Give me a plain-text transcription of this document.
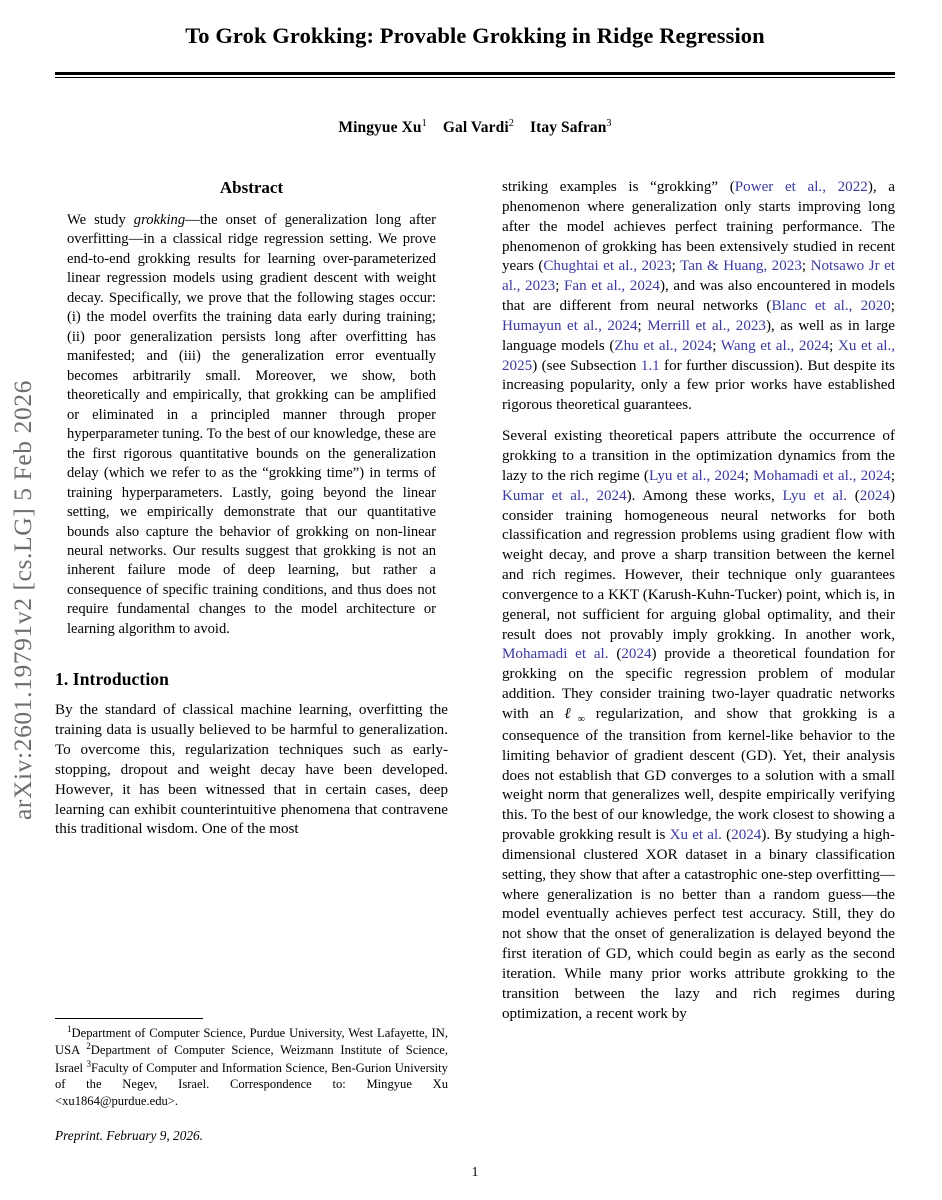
arXiv:2601.19791v2 [cs.LG] 5 Feb 2026
To Grok Grokking: Provable Grokking in Ridge Regression
Mingyue Xu$^1$ Gal Vardi$^2$ Itay Safran$^3$
Abstract

We study grokking—the onset of generalization long after overfitting—in a classical ridge regression setting. We prove end-to-end grokking results for learning over-parameterized linear regression models using gradient descent with weight decay. Specifically, we prove that the following stages occur: (i) the model overfits the training data early during training; (ii) poor generalization persists long after overfitting has manifested; and (iii) the generalization error eventually becomes arbitrarily small. Moreover, we show, both theoretically and empirically, that grokking can be amplified or eliminated in a principled manner through proper hyperparameter tuning. To the best of our knowledge, these are the first rigorous quantitative bounds on the generalization delay (which we refer to as the “grokking time”) in terms of training hyperparameters. Lastly, going beyond the linear setting, we empirically demonstrate that our quantitative bounds also capture the behavior of grokking on non-linear neural networks. Our results suggest that grokking is not an inherent failure mode of deep learning, but rather a consequence of specific training conditions, and thus does not require fundamental changes to the model architecture or learning algorithm to avoid.

1. Introduction

By the standard of classical machine learning, overfitting the training data is usually believed to be harmful to generalization. To overcome this, regularization techniques such as early-stopping, dropout and weight decay have been developed. However, it has been witnessed that in certain cases, deep learning can exhibit counterintuitive phenomena that contravene this traditional wisdom. One of the most

striking examples is “grokking” (Power et al., 2022), a phenomenon where generalization only starts improving long after the model achieves perfect training performance. The phenomenon of grokking has been extensively studied in recent years (Chughtai et al., 2023; Tan & Huang, 2023; Notsawo Jr et al., 2023; Fan et al., 2024), and was also encountered in models that are different from neural networks (Blanc et al., 2020; Humayun et al., 2024; Merrill et al., 2023), as well as in large language models (Zhu et al., 2024; Wang et al., 2024; Xu et al., 2025) (see Subsection 1.1 for further discussion). But despite its increasing popularity, only a few prior works have established rigorous theoretical guarantees.

Several existing theoretical papers attribute the occurrence of grokking to a transition in the optimization dynamics from the lazy to the rich regime (Lyu et al., 2024; Mohamadi et al., 2024; Kumar et al., 2024). Among these works, Lyu et al. (2024) consider training homogeneous neural networks for both classification and regression problems using gradient flow with weight decay, and prove a sharp transition between the kernel and rich regimes. However, their technique only guarantees convergence to a KKT (Karush-Kuhn-Tucker) point, which is, in general, not sufficient for arguing global optimality, and their result does not provably imply grokking. In another work, Mohamadi et al. (2024) provide a theoretical foundation for grokking on the specific regression problem of modular addition. They consider training two-layer quadratic networks with an ℓ$_\infty$ regularization, and show that grokking is a consequence of the transition from kernel-like behavior to the limiting behavior of gradient descent (GD). Yet, their analysis does not establish that GD converges to a solution with a small weight norm that generalizes well, despite empirically verifying this. To the best of our knowledge, the work closest to showing a provable grokking result is Xu et al. (2024). By studying a high-dimensional clustered XOR dataset in a binary classification setting, they show that after a catastrophic one-step overfitting—where generalization is no better than a random guess—the model eventually achieves perfect test accuracy. Still, they do not show that the onset of generalization is delayed beyond the first iteration of GD, which could begin as early as the second iteration. While many prior works attribute grokking to the transition between the lazy and rich regimes during optimization, a recent work by

$^1$Department of Computer Science, Purdue University, West Lafayette, IN, USA $^2$Department of Computer Science, Weizmann Institute of Science, Israel $^3$Faculty of Computer and Information Science, Ben-Gurion University of the Negev, Israel. Correspondence to: Mingyue Xu <xu1864@purdue.edu>.

Preprint. February 9, 2026.
1
